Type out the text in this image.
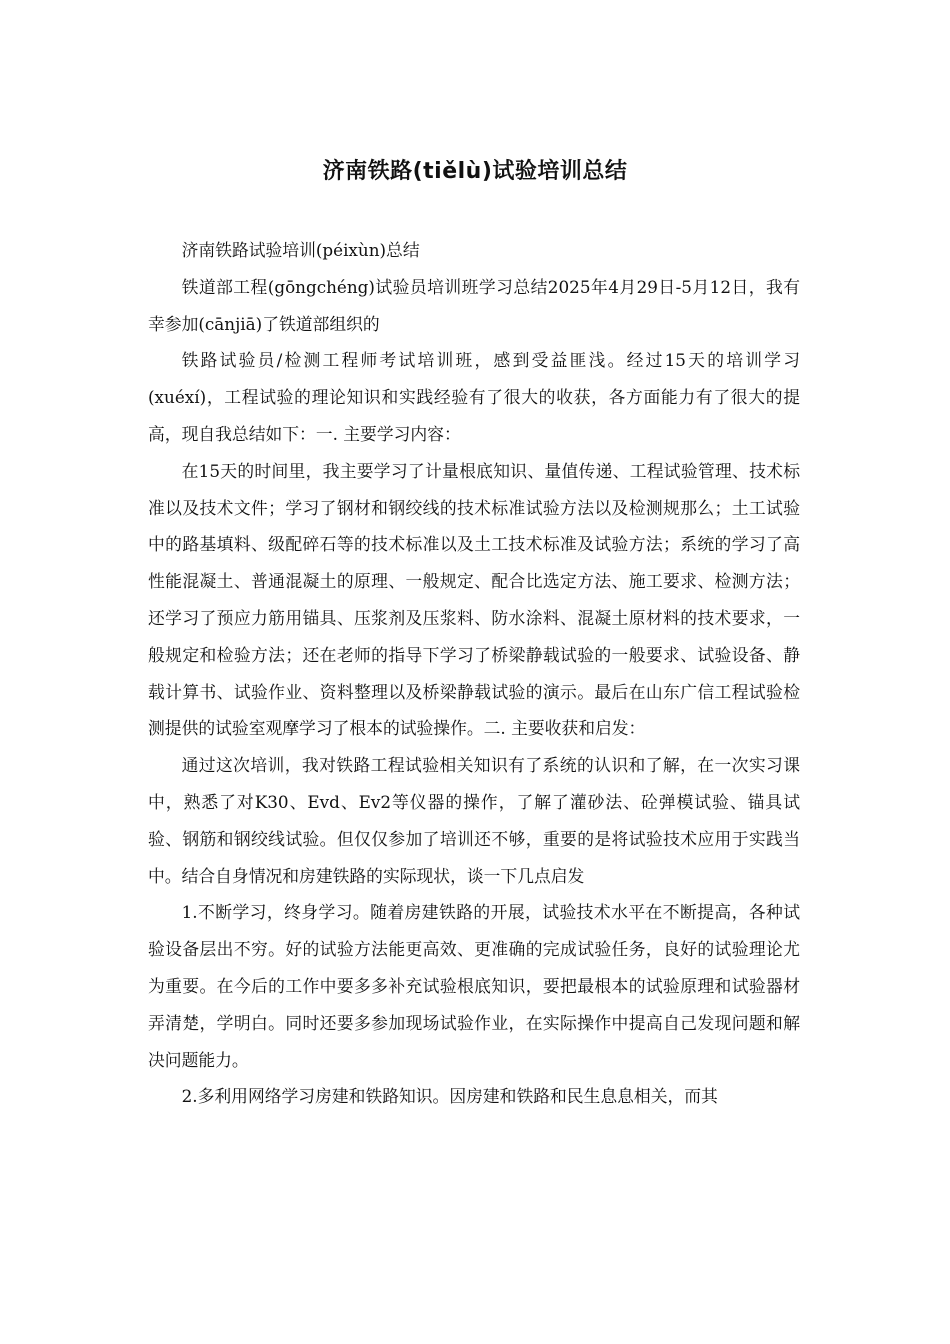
济南铁路(tiělù)试验培训总结

济南铁路试验培训(péixùn)总结

铁道部工程(gōngchéng)试验员培训班学习总结2025年4月29日-5月12日，我有幸参加(cānjiā)了铁道部组织的

铁路试验员/检测工程师考试培训班，感到受益匪浅。经过15天的培训学习(xuéxí)，工程试验的理论知识和实践经验有了很大的收获，各方面能力有了很大的提高，现自我总结如下：一. 主要学习内容：

在15天的时间里，我主要学习了计量根底知识、量值传递、工程试验管理、技术标准以及技术文件；学习了钢材和钢绞线的技术标准试验方法以及检测规那么；土工试验中的路基填料、级配碎石等的技术标准以及土工技术标准及试验方法；系统的学习了高性能混凝土、普通混凝土的原理、一般规定、配合比选定方法、施工要求、检测方法；还学习了预应力筋用锚具、压浆剂及压浆料、防水涂料、混凝土原材料的技术要求，一般规定和检验方法；还在老师的指导下学习了桥梁静载试验的一般要求、试验设备、静载计算书、试验作业、资料整理以及桥梁静载试验的演示。最后在山东广信工程试验检测提供的试验室观摩学习了根本的试验操作。二. 主要收获和启发：

通过这次培训，我对铁路工程试验相关知识有了系统的认识和了解，在一次实习课中，熟悉了对K30、Evd、Ev2等仪器的操作，了解了灌砂法、砼弹模试验、锚具试验、钢筋和钢绞线试验。但仅仅参加了培训还不够，重要的是将试验技术应用于实践当中。结合自身情况和房建铁路的实际现状，谈一下几点启发

1.不断学习，终身学习。随着房建铁路的开展，试验技术水平在不断提高，各种试验设备层出不穷。好的试验方法能更高效、更准确的完成试验任务，良好的试验理论尤为重要。在今后的工作中要多多补充试验根底知识，要把最根本的试验原理和试验器材弄清楚，学明白。同时还要多参加现场试验作业，在实际操作中提高自己发现问题和解决问题能力。

2.多利用网络学习房建和铁路知识。因房建和铁路和民生息息相关，而其
